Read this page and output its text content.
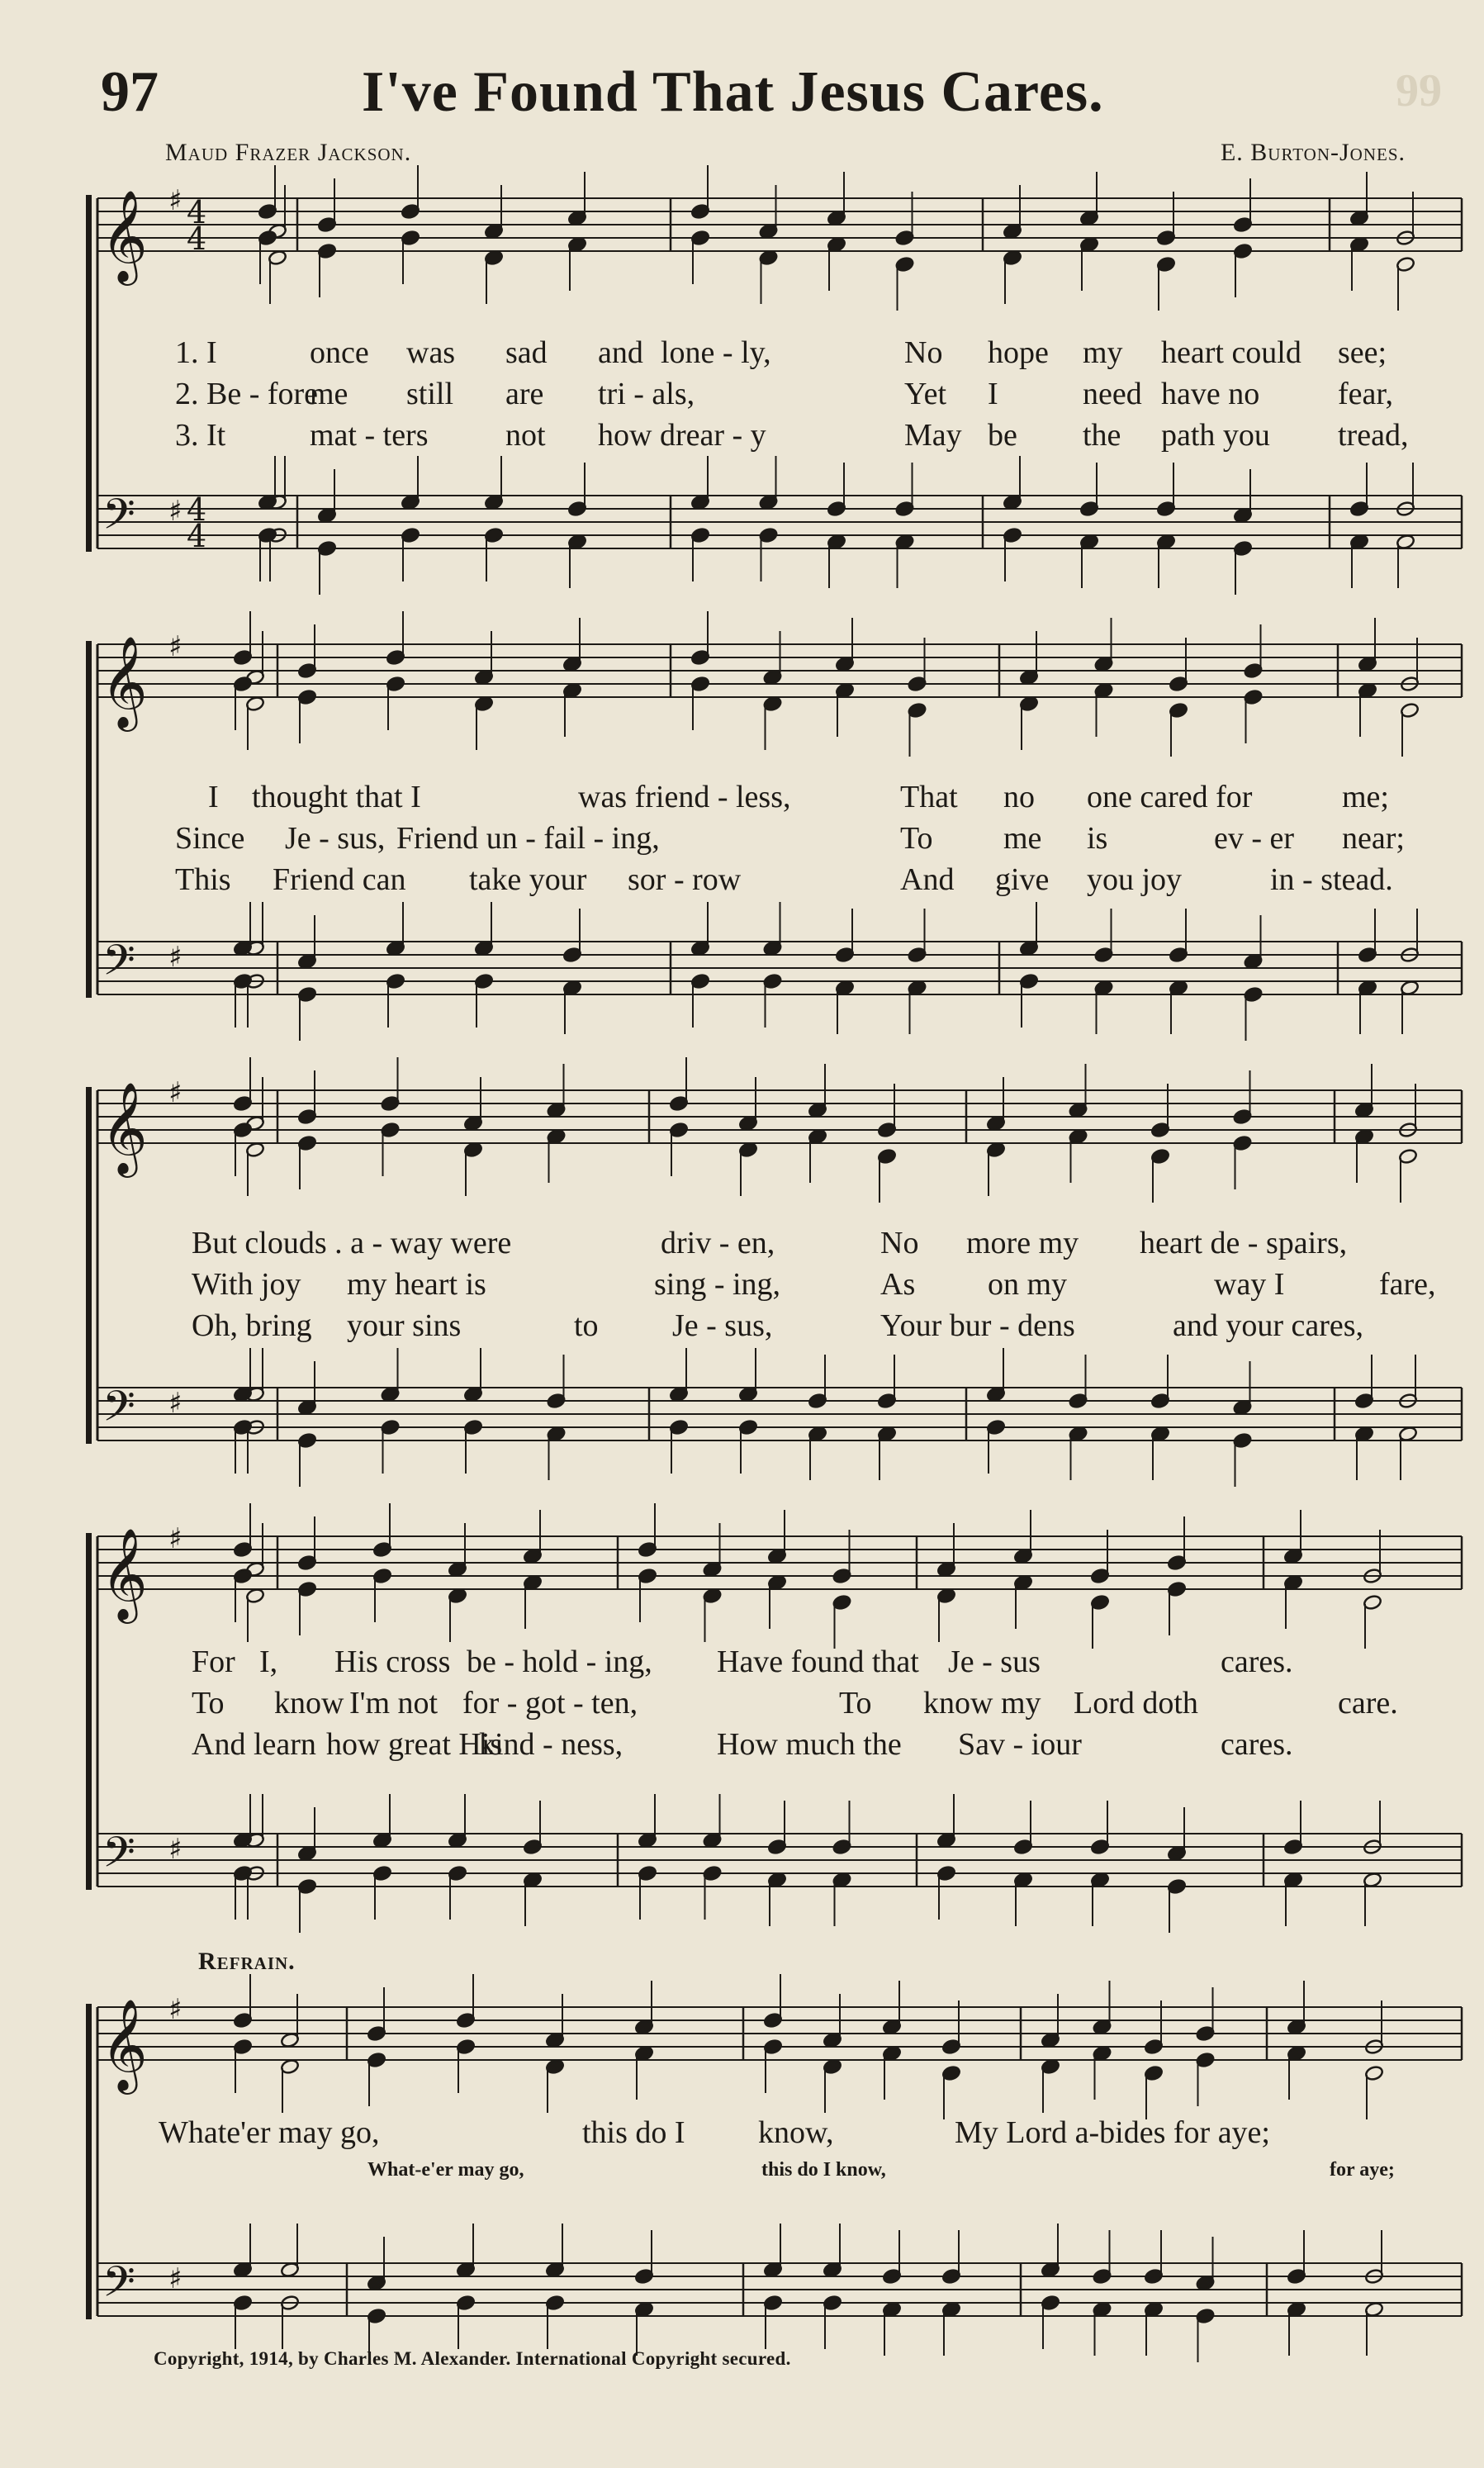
97	I've Found That Jesus Cares.	99
Maud Frazer Jackson.	E. Burton-Jones.
𝄞
𝄢
♯
♯
4
4
4
4
𝄞
𝄢
♯
♯
𝄞
𝄢
♯
♯
𝄞
𝄢
♯
♯
𝄞
𝄢
♯
♯
1. I	once was sad and lone - ly,	No hope my heart could see;
2. Be - fore
me still are tri - als,	Yet I	need have no fear,
3. It	mat - ters not how drear - y	May be the path you tread,
I thought that I	was friend - less,	That no one cared for	me;
Since Je - sus, Friend un - fail - ing,	To me is	ev - er near;
This Friend can take your sor - row	And give you joy	in - stead.
But clouds . a - way were	driv - en,	No more my heart de - spairs,
With joy my heart is	sing - ing,	As on my	way I	fare,
Oh, bring your sins	to Je - sus,	Your bur - dens	and your cares,
For I, His cross be - hold - ing, Have found that Je - sus	cares.
To know I'm not for - got - ten,	To know my Lord doth	care.
And learn how great His
kind - ness,	How much the Sav - iour	cares.
Whate'er may go,	this do I know,	My Lord a-bides for aye;
What-e'er may go,	this do I know,	for aye;
Refrain.
Copyright, 1914, by Charles M. Alexander. International Copyright secured.
